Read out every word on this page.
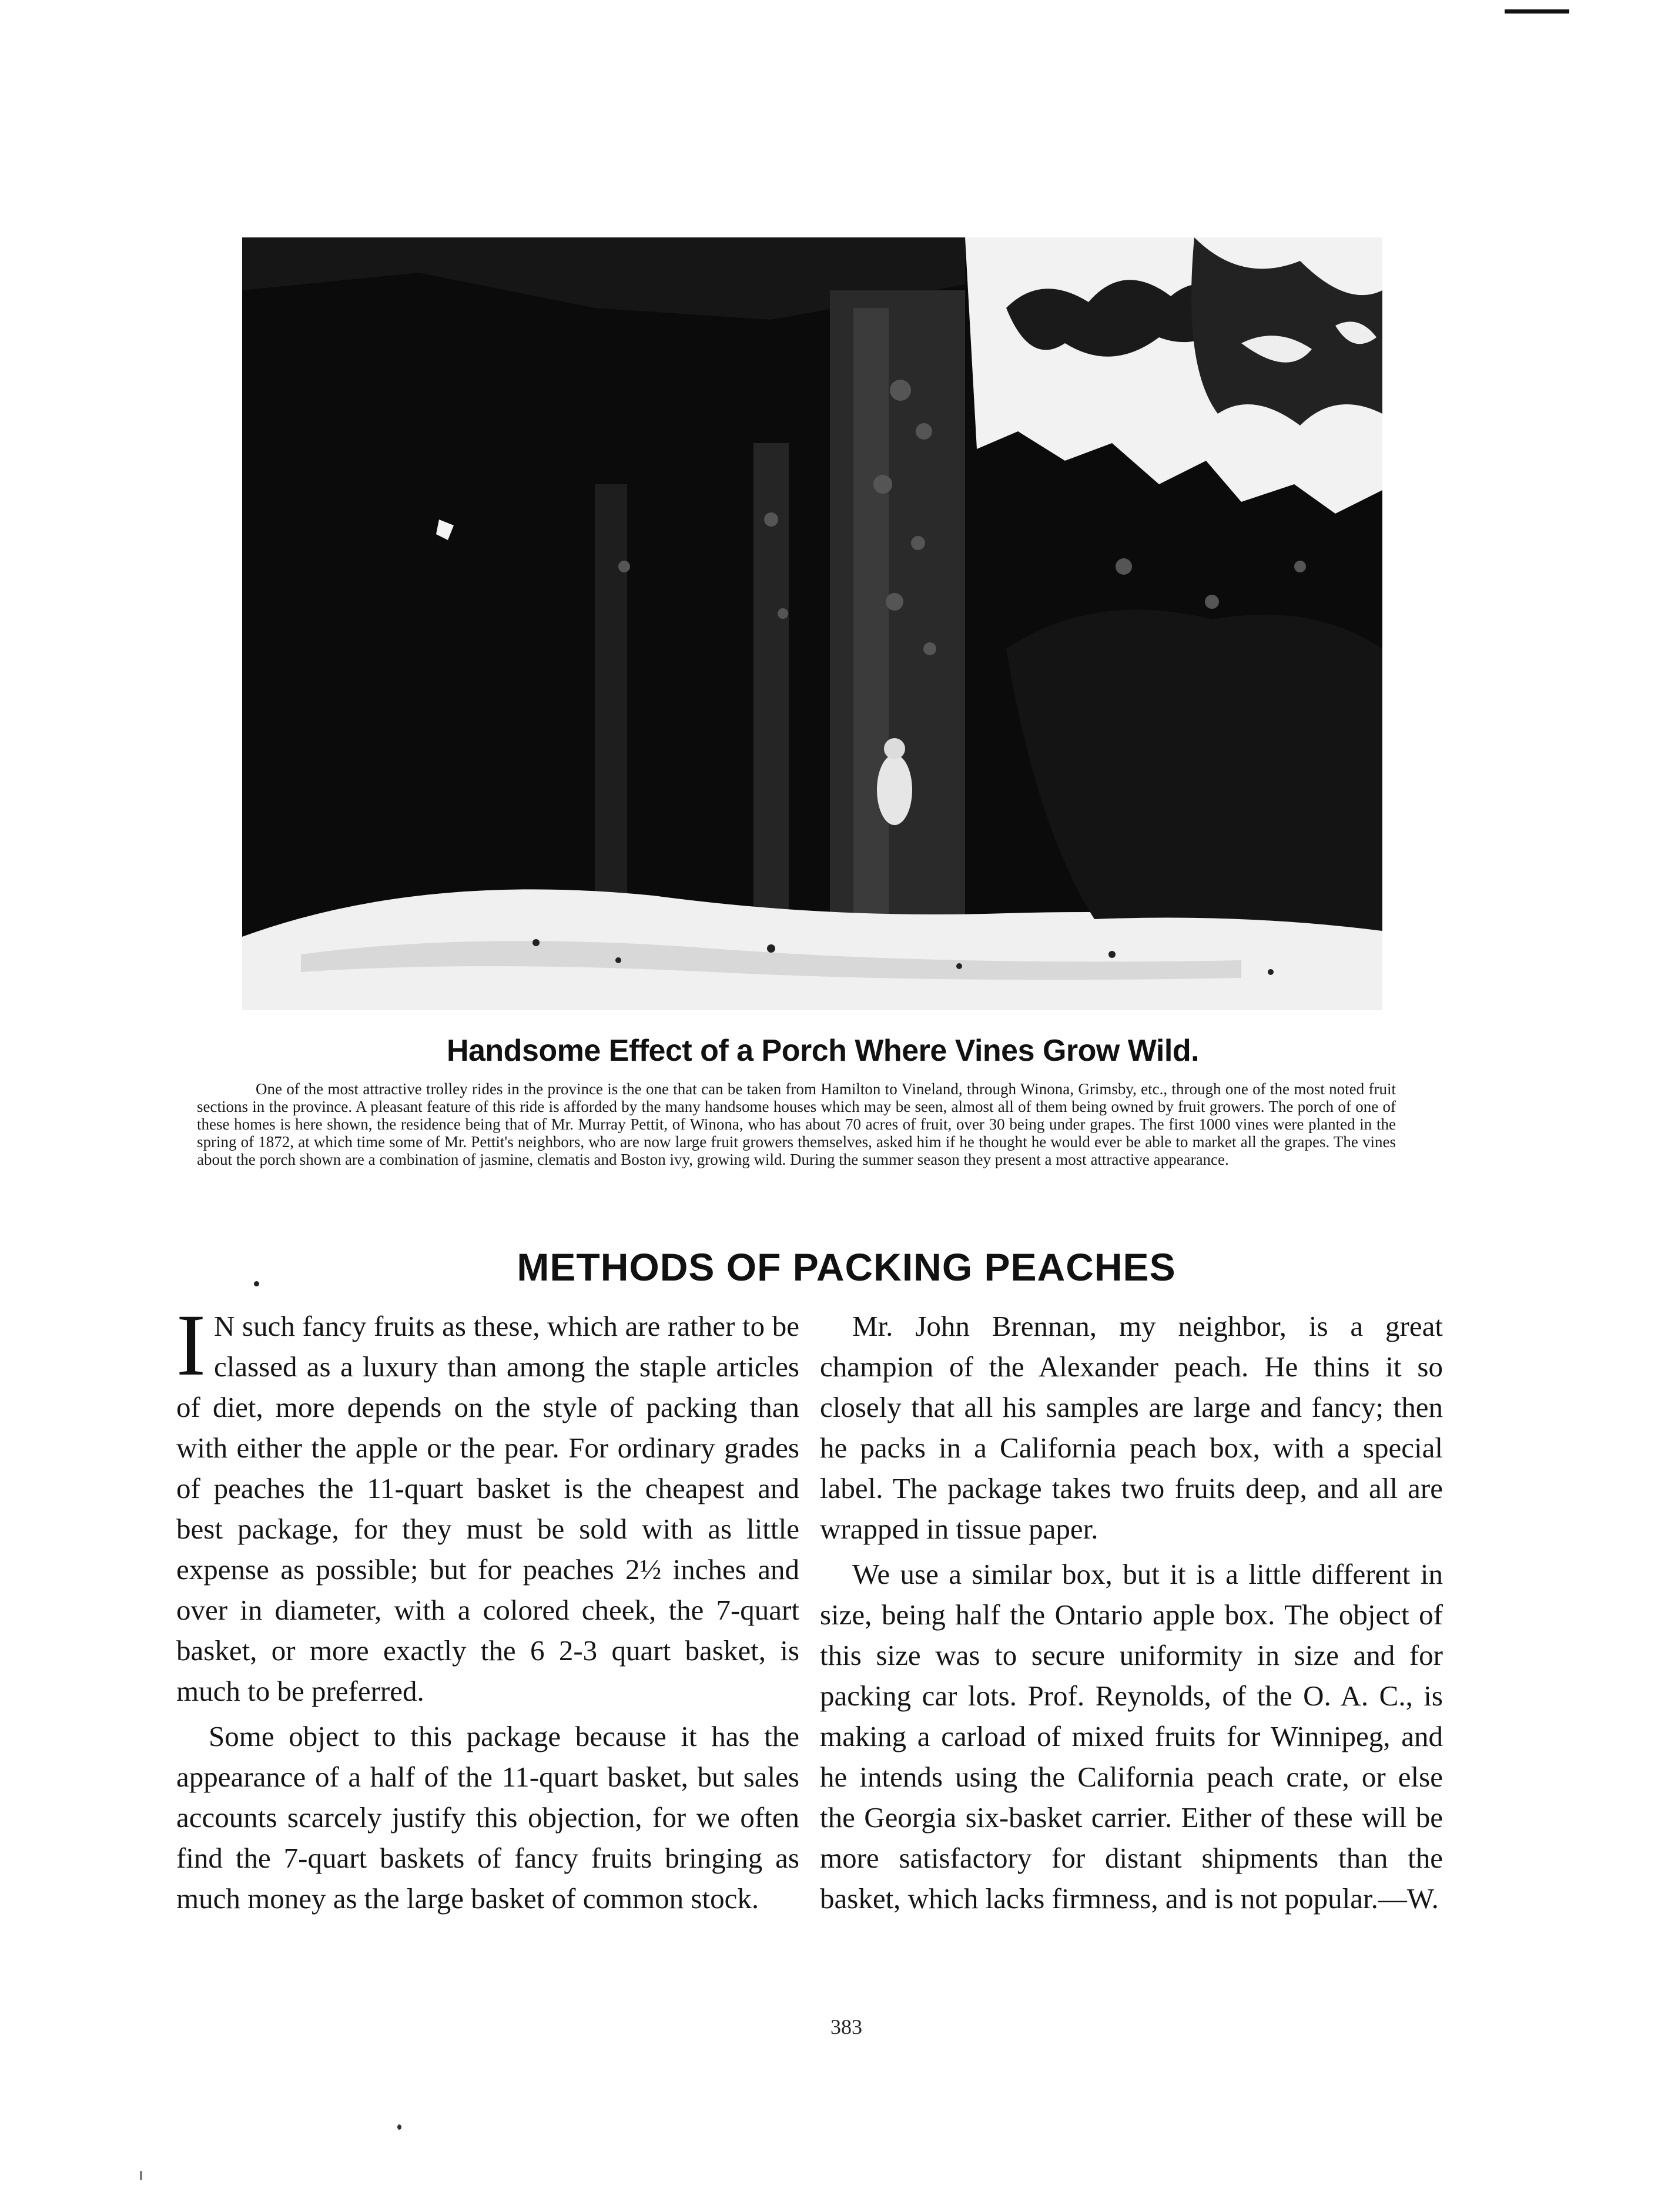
Handsome Effect of a Porch Where Vines Grow Wild.
One of the most attractive trolley rides in the province is the one that can be taken from Hamilton to Vineland, through Winona, Grimsby, etc., through one of the most noted fruit sections in the province. A pleasant feature of this ride is afforded by the many handsome houses which may be seen, almost all of them being owned by fruit growers. The porch of one of these homes is here shown, the residence being that of Mr. Murray Pettit, of Winona, who has about 70 acres of fruit, over 30 being under grapes. The first 1000 vines were planted in the spring of 1872, at which time some of Mr. Pettit's neighbors, who are now large fruit growers themselves, asked him if he thought he would ever be able to market all the grapes. The vines about the porch shown are a combination of jasmine, clematis and Boston ivy, growing wild. During the summer season they present a most attractive appearance.
METHODS OF PACKING PEACHES

I N such fancy fruits as these, which are rather to be classed as a luxury than among the staple articles of diet, more depends on the style of packing than with either the apple or the pear. For ordinary grades of peaches the 11-quart basket is the cheapest and best package, for they must be sold with as little expense as possible; but for peaches 2½ inches and over in diameter, with a colored cheek, the 7-quart basket, or more exactly the 6 2-3 quart basket, is much to be preferred.

Some object to this package because it has the appearance of a half of the 11-quart basket, but sales accounts scarcely justify this objection, for we often find the 7-quart baskets of fancy fruits bringing as much money as the large basket of common stock.

Mr. John Brennan, my neighbor, is a great champion of the Alexander peach. He thins it so closely that all his samples are large and fancy; then he packs in a California peach box, with a special label. The package takes two fruits deep, and all are wrapped in tissue paper.

We use a similar box, but it is a little different in size, being half the Ontario apple box. The object of this size was to secure uniformity in size and for packing car lots. Prof. Reynolds, of the O. A. C., is making a carload of mixed fruits for Winnipeg, and he intends using the California peach crate, or else the Georgia six-basket carrier. Either of these will be more satisfactory for distant shipments than the basket, which lacks firmness, and is not popular.—W.

383
